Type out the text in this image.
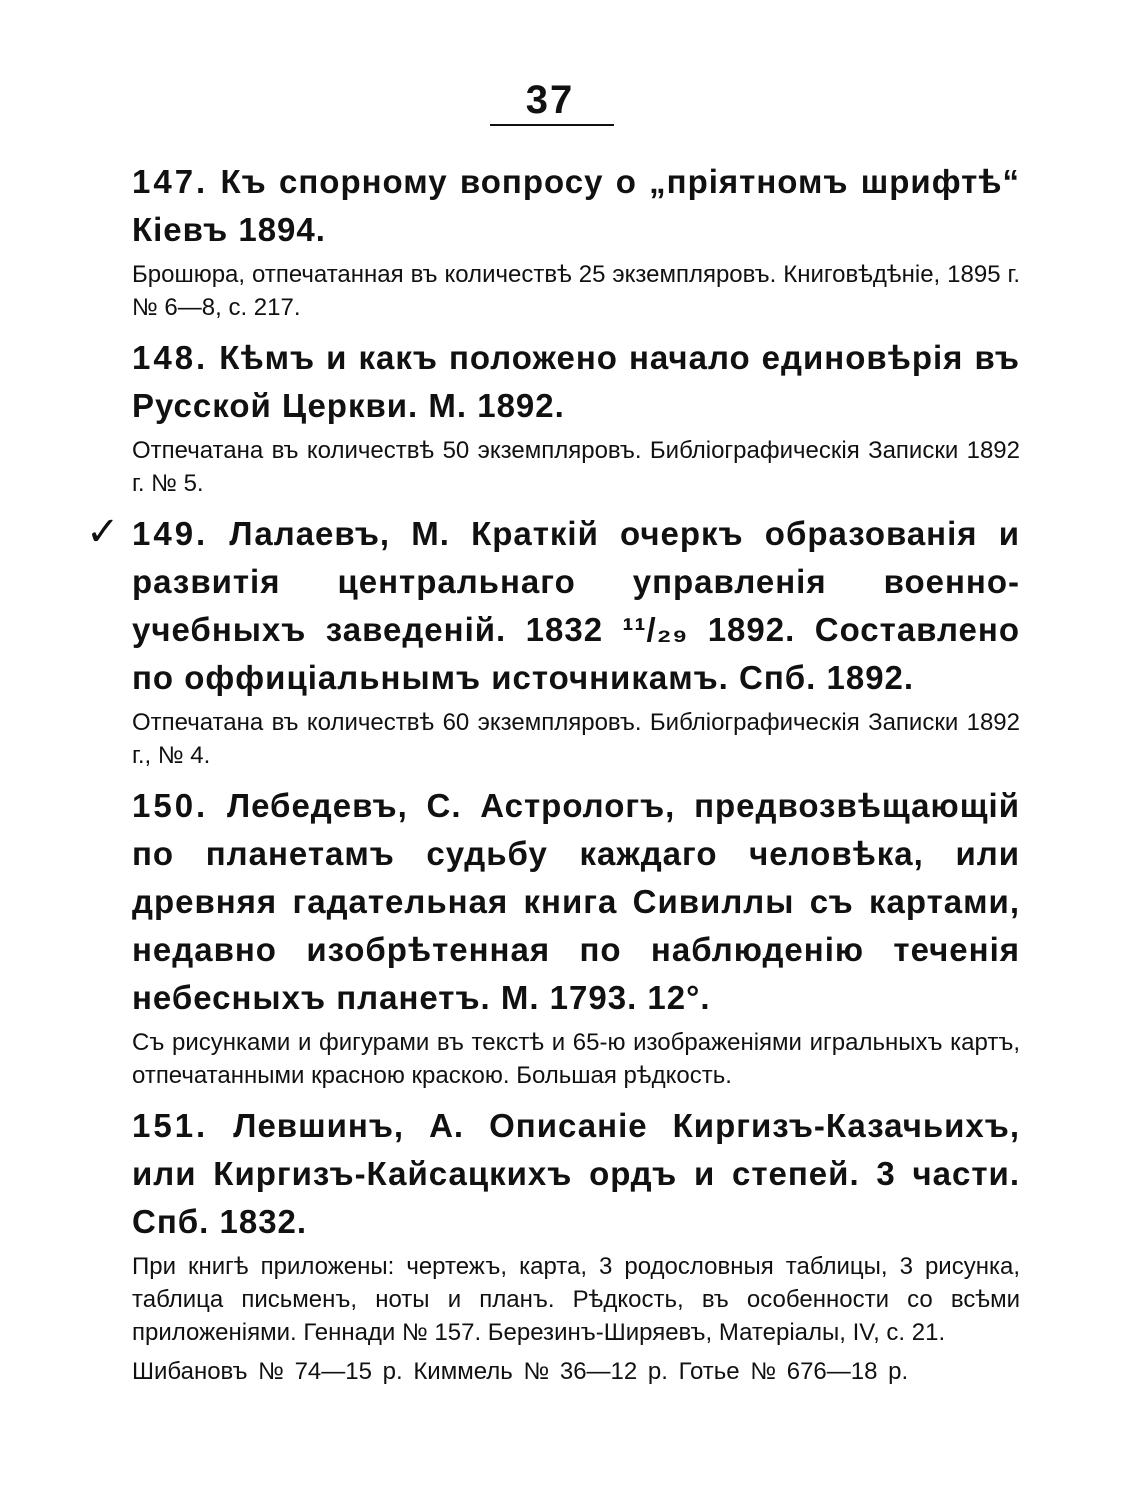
37
147. Къ спорному вопросу о „пріятномъ шрифтѣ“ Кіевъ 1894.
Брошюра, отпечатанная въ количествѣ 25 экземпляровъ. Книговѣдѣніе, 1895 г. № 6—8, с. 217.
148. Кѣмъ и какъ положено начало единовѣрія въ Русской Церкви. М. 1892.
Отпечатана въ количествѣ 50 экземпляровъ. Библіографическія Записки 1892 г. № 5.
✓ 149. Лалаевъ, М. Краткій очеркъ образованія и развитія центральнаго управленія военно-учебныхъ заведеній. 1832 ¹¹/₂₉ 1892. Составлено по оффиціальнымъ источникамъ. Спб. 1892.
Отпечатана въ количествѣ 60 экземпляровъ. Библіографическія Записки 1892 г., № 4.
150. Лебедевъ, С. Астрологъ, предвозвѣщающій по планетамъ судьбу каждаго человѣка, или древняя гадательная книга Сивиллы съ картами, недавно изобрѣтенная по наблюденію теченія небесныхъ планетъ. М. 1793. 12°.
Съ рисунками и фигурами въ текстѣ и 65-ю изображеніями игральныхъ картъ, отпечатанными красною краскою. Большая рѣдкость.
151. Левшинъ, А. Описаніе Киргизъ-Казачьихъ, или Киргизъ-Кайсацкихъ ордъ и степей. 3 части. Спб. 1832.
При книгѣ приложены: чертежъ, карта, 3 родословныя таблицы, 3 рисунка, таблица письменъ, ноты и планъ. Рѣдкость, въ особенности со всѣми приложеніями. Геннади № 157. Березинъ-Ширяевъ, Матеріалы, IV, с. 21.
Шибановъ № 74—15 р. Киммель № 36—12 р. Готье № 676—18 р.
